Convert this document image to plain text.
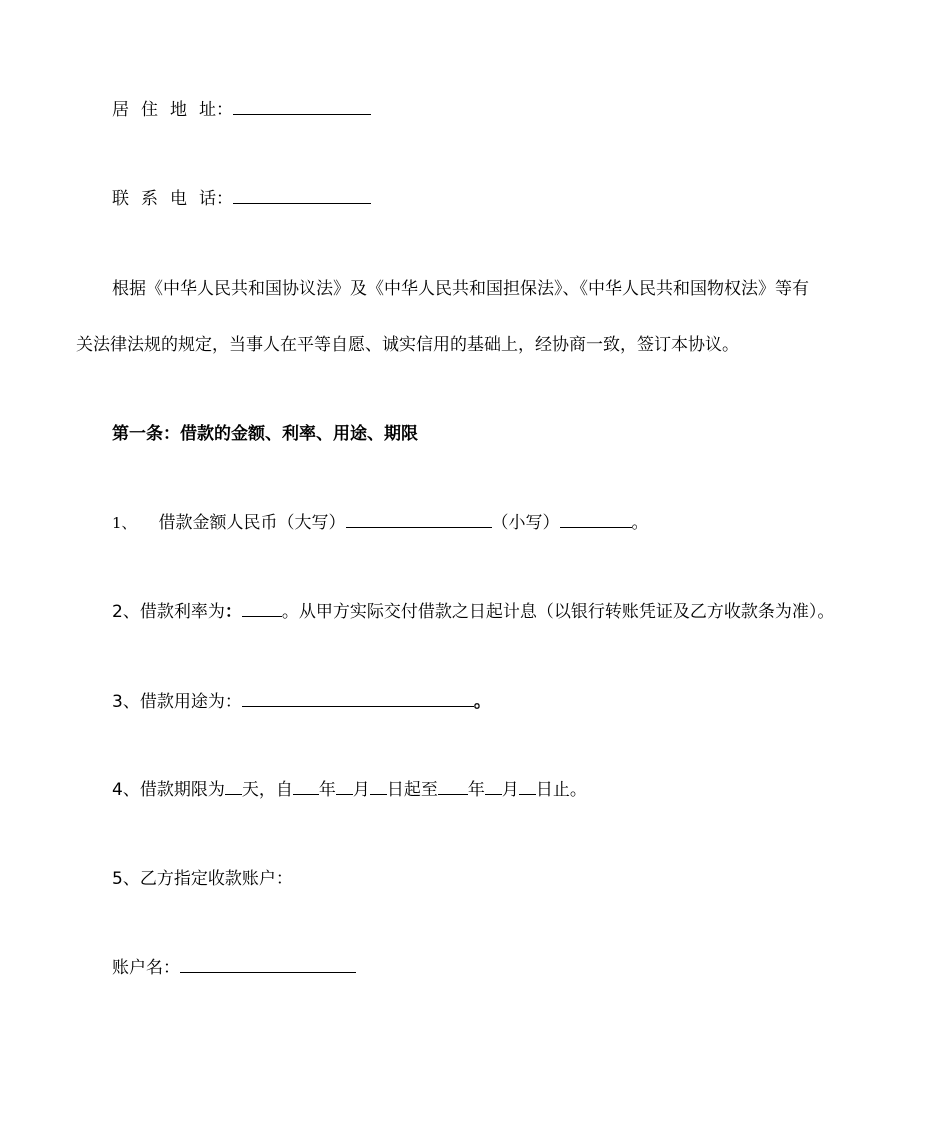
居住地址：
联系电话：
根据《中华人民共和国协议法》及《中华人民共和国担保法》、《中华人民共和国物权法》等有
关法律法规的规定，当事人在平等自愿、诚实信用的基础上，经协商一致，签订本协议。
第一条：借款的金额、利率、用途、期限
1、 借款金额人民币（大写）	（小写）	。
2、借款利率为： 。从甲方实际交付借款之日起计息（以银行转账凭证及乙方收款条为准）。
3、借款用途为：	。
4、借款期限为 天，自 年 月 日起至 年 月 日止。
5、乙方指定收款账户：
账户名：
